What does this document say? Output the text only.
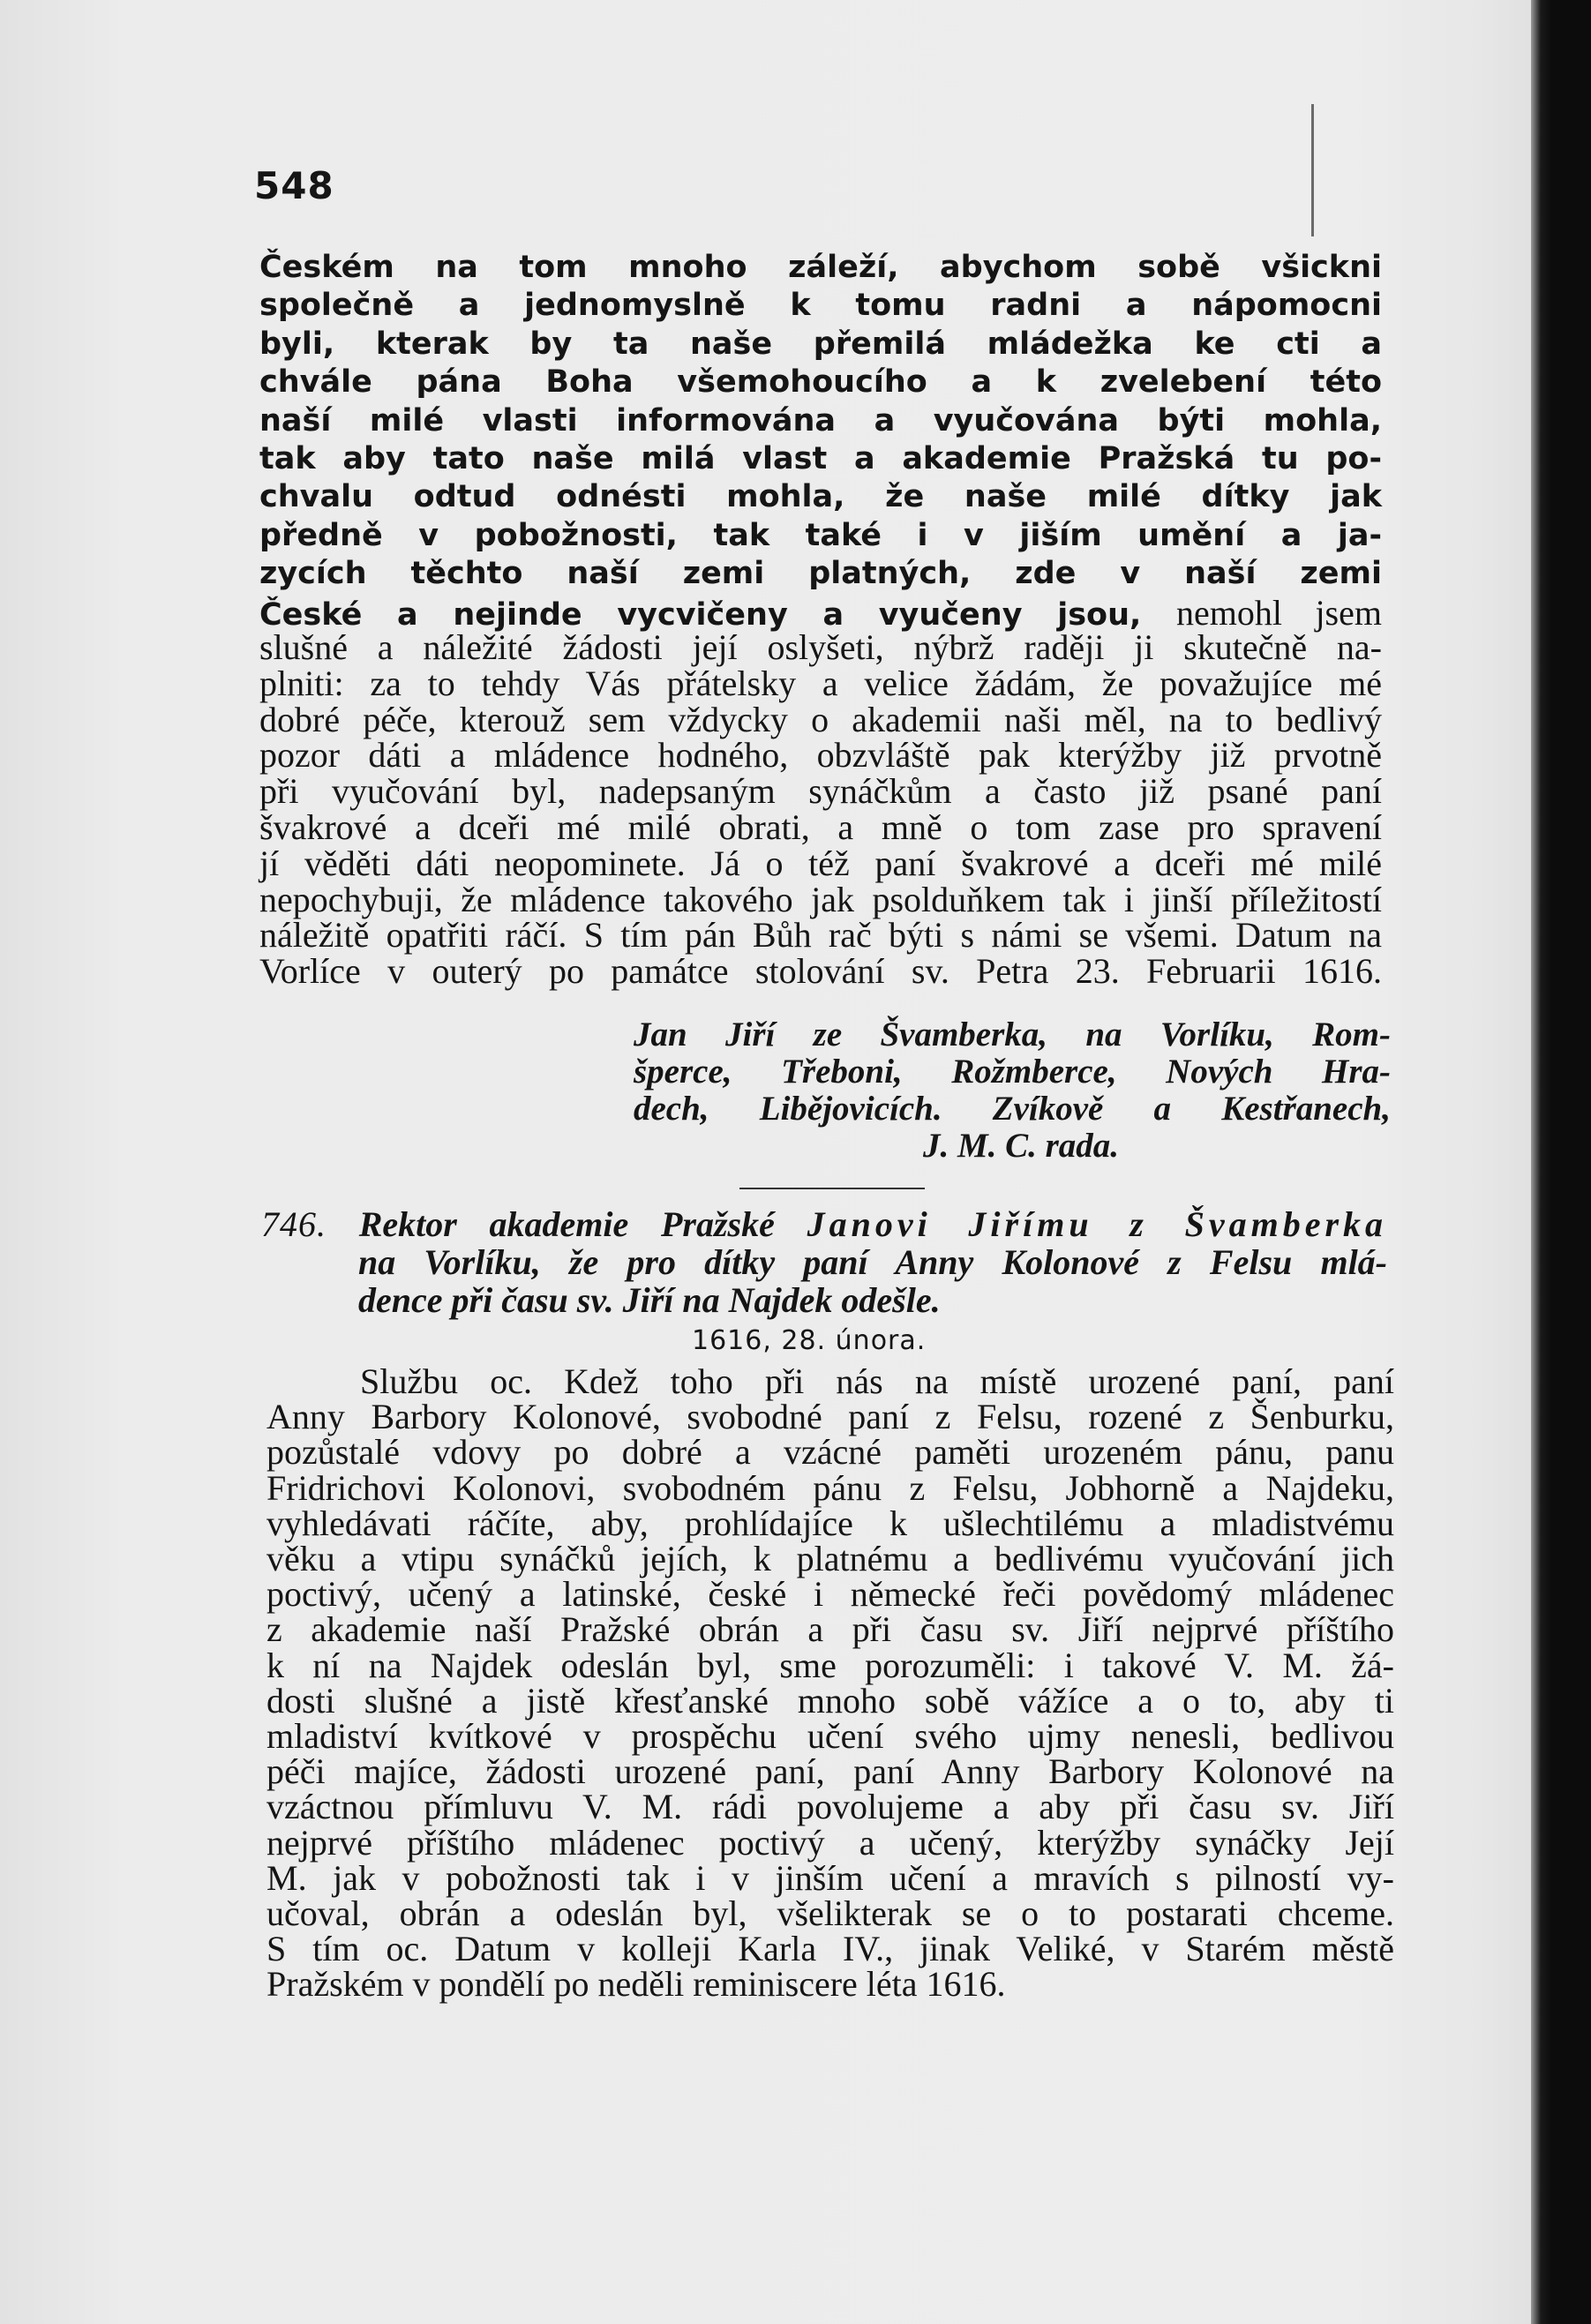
548
Českém na tom mnoho záleží, abychom sobě všickni
společně a jednomyslně k tomu radni a nápomocni
byli, kterak by ta naše přemilá mládežka ke cti a
chvále pána Boha všemohoucího a k zvelebení této
naší milé vlasti informována a vyučována býti mohla,
tak aby tato naše milá vlast a akademie Pražská tu po-
chvalu odtud odnésti mohla, že naše milé dítky jak
předně v pobožnosti, tak také i v jiším umění a ja-
zycích těchto naší zemi platných, zde v naší zemi
České a nejinde vycvičeny a vyučeny jsou, nemohl jsem
slušné a náležité žádosti její oslyšeti, nýbrž raději ji skutečně na-
plniti: za to tehdy Vás přátelsky a velice žádám, že považujíce mé
dobré péče, kterouž sem vždycky o akademii naši měl, na to bedlivý
pozor dáti a mládence hodného, obzvláště pak kterýžby již prvotně
při vyučování byl, nadepsaným synáčkům a často již psané paní
švakrové a dceři mé milé obrati, a mně o tom zase pro spravení
jí věděti dáti neopominete. Já o též paní švakrové a dceři mé milé
nepochybuji, že mládence takového jak psolduňkem tak i jinší příležitostí
náležitě opatřiti ráčí. S tím pán Bůh rač býti s námi se všemi. Datum na
Vorlíce v outerý po památce stolování sv. Petra 23. Februarii 1616.
Jan Jiří ze Švamberka, na Vorlíku, Rom-
šperce, Třeboni, Rožmberce, Nových Hra-
dech, Libějovicích. Zvíkově a Kestřanech,
J. M. C. rada.
746. Rektor akademie Pražské Janovi Jiřímu z Švamberka
na Vorlíku, že pro dítky paní Anny Kolonové z Felsu mlá-
dence při času sv. Jiří na Najdek odešle.
1616, 28. února.
Službu oc. Kdež toho při nás na místě urozené paní, paní
Anny Barbory Kolonové, svobodné paní z Felsu, rozené z Šenburku,
pozůstalé vdovy po dobré a vzácné paměti urozeném pánu, panu
Fridrichovi Kolonovi, svobodném pánu z Felsu, Jobhorně a Najdeku,
vyhledávati ráčíte, aby, prohlídajíce k ušlechtilému a mladistvému
věku a vtipu synáčků jejích, k platnému a bedlivému vyučování jich
poctivý, učený a latinské, české i německé řeči povědomý mládenec
z akademie naší Pražské obrán a při času sv. Jiří nejprvé příštího
k ní na Najdek odeslán byl, sme porozuměli: i takové V. M. žá-
dosti slušné a jistě křesťanské mnoho sobě vážíce a o to, aby ti
mladiství kvítkové v prospěchu učení svého ujmy nenesli, bedlivou
péči majíce, žádosti urozené paní, paní Anny Barbory Kolonové na
vzáctnou přímluvu V. M. rádi povolujeme a aby při času sv. Jiří
nejprvé příštího mládenec poctivý a učený, kterýžby synáčky Její
M. jak v pobožnosti tak i v jinším učení a mravích s pilností vy-
učoval, obrán a odeslán byl, všelikterak se o to postarati chceme.
S tím oc. Datum v kolleji Karla IV., jinak Veliké, v Starém městě
Pražském v pondělí po neděli reminiscere léta 1616.
